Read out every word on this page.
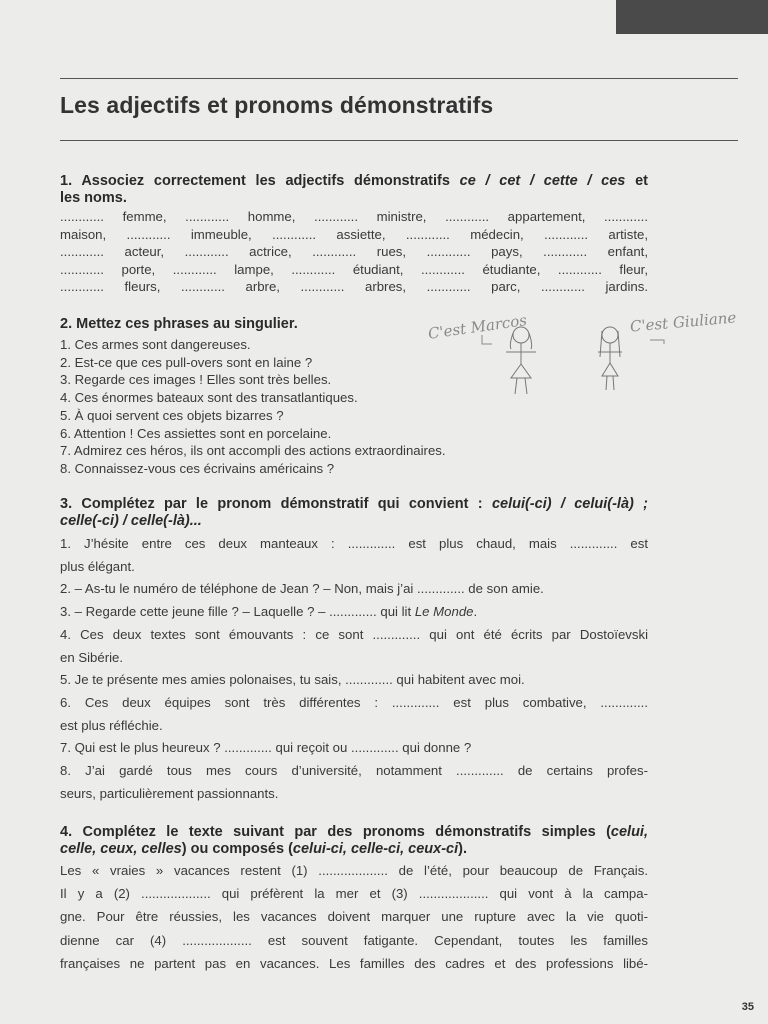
Les adjectifs et pronoms démonstratifs
1. Associez correctement les adjectifs démonstratifs ce / cet / cette / ces et
les noms.
............ femme, ............ homme, ............ ministre, ............ appartement, ............
maison, ............ immeuble, ............ assiette, ............ médecin, ............ artiste,
............ acteur, ............ actrice, ............ rues, ............ pays, ............ enfant,
............ porte, ............ lampe, ............ étudiant, ............ étudiante, ............ fleur,
............ fleurs, ............ arbre, ............ arbres, ............ parc, ............ jardins.
2. Mettez ces phrases au singulier.
1. Ces armes sont dangereuses.
2. Est-ce que ces pull-overs sont en laine ?
3. Regarde ces images ! Elles sont très belles.
4. Ces énormes bateaux sont des transatlantiques.
5. À quoi servent ces objets bizarres ?
6. Attention ! Ces assiettes sont en porcelaine.
7. Admirez ces héros, ils ont accompli des actions extraordinaires.
8. Connaissez-vous ces écrivains américains ?
C'est Marcos	C'est Giuliane
3. Complétez par le pronom démonstratif qui convient : celui(-ci) / celui(-là) ;
celle(-ci) / celle(-là)...
1. J’hésite entre ces deux manteaux : ............. est plus chaud, mais ............. est
plus élégant.
2. – As-tu le numéro de téléphone de Jean ? – Non, mais j’ai ............. de son amie.
3. – Regarde cette jeune fille ? – Laquelle ? – ............. qui lit Le Monde.
4. Ces deux textes sont émouvants : ce sont ............. qui ont été écrits par Dostoïevski
en Sibérie.
5. Je te présente mes amies polonaises, tu sais, ............. qui habitent avec moi.
6. Ces deux équipes sont très différentes : ............. est plus combative, .............
est plus réfléchie.
7. Qui est le plus heureux ? ............. qui reçoit ou ............. qui donne ?
8. J’ai gardé tous mes cours d’université, notamment ............. de certains profes-
seurs, particulièrement passionnants.
4. Complétez le texte suivant par des pronoms démonstratifs simples (celui,
celle, ceux, celles) ou composés (celui-ci, celle-ci, ceux-ci).
Les « vraies » vacances restent (1) ................... de l’été, pour beaucoup de Français.
Il y a (2) ................... qui préfèrent la mer et (3) ................... qui vont à la campa-
gne. Pour être réussies, les vacances doivent marquer une rupture avec la vie quoti-
dienne car (4) ................... est souvent fatigante. Cependant, toutes les familles
françaises ne partent pas en vacances. Les familles des cadres et des professions libé-
35
